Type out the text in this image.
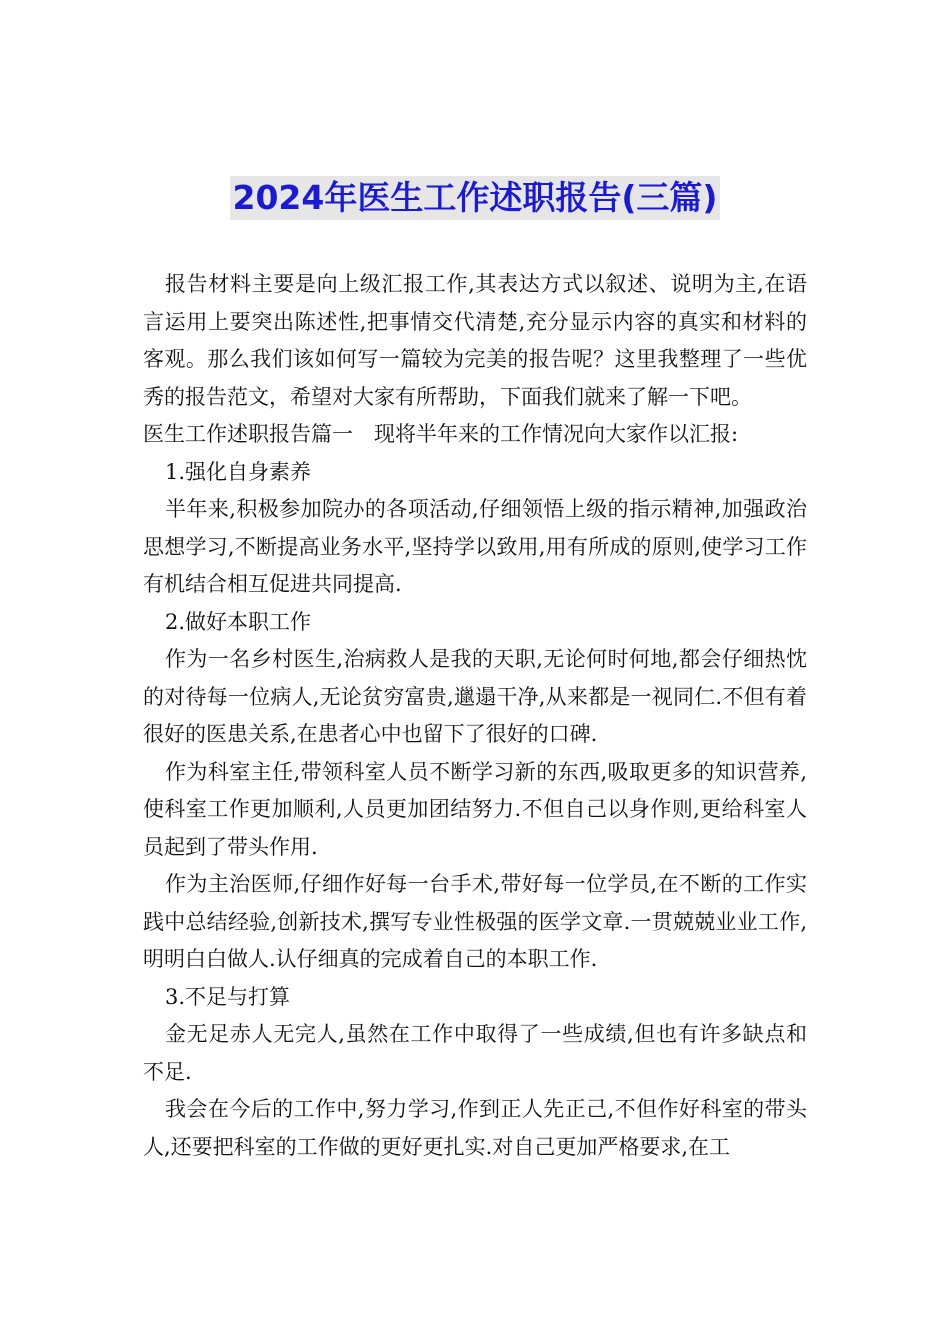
2024年医生工作述职报告(三篇)

报告材料主要是向上级汇报工作,其表达方式以叙述、说明为主,在语言运用上要突出陈述性,把事情交代清楚,充分显示内容的真实和材料的客观。那么我们该如何写一篇较为完美的报告呢？这里我整理了一些优秀的报告范文，希望对大家有所帮助，下面我们就来了解一下吧。

医生工作述职报告篇一　现将半年来的工作情况向大家作以汇报:

1.强化自身素养

半年来,积极参加院办的各项活动,仔细领悟上级的指示精神,加强政治思想学习,不断提高业务水平,坚持学以致用,用有所成的原则,使学习工作有机结合相互促进共同提高.

2.做好本职工作

作为一名乡村医生,治病救人是我的天职,无论何时何地,都会仔细热忱的对待每一位病人,无论贫穷富贵,邋遢干净,从来都是一视同仁.不但有着很好的医患关系,在患者心中也留下了很好的口碑.

作为科室主任,带领科室人员不断学习新的东西,吸取更多的知识营养,使科室工作更加顺利,人员更加团结努力.不但自己以身作则,更给科室人员起到了带头作用.

作为主治医师,仔细作好每一台手术,带好每一位学员,在不断的工作实践中总结经验,创新技术,撰写专业性极强的医学文章.一贯兢兢业业工作,明明白白做人.认仔细真的完成着自己的本职工作.

3.不足与打算

金无足赤人无完人,虽然在工作中取得了一些成绩,但也有许多缺点和不足.

我会在今后的工作中,努力学习,作到正人先正己,不但作好科室的带头人,还要把科室的工作做的更好更扎实.对自己更加严格要求,在工
